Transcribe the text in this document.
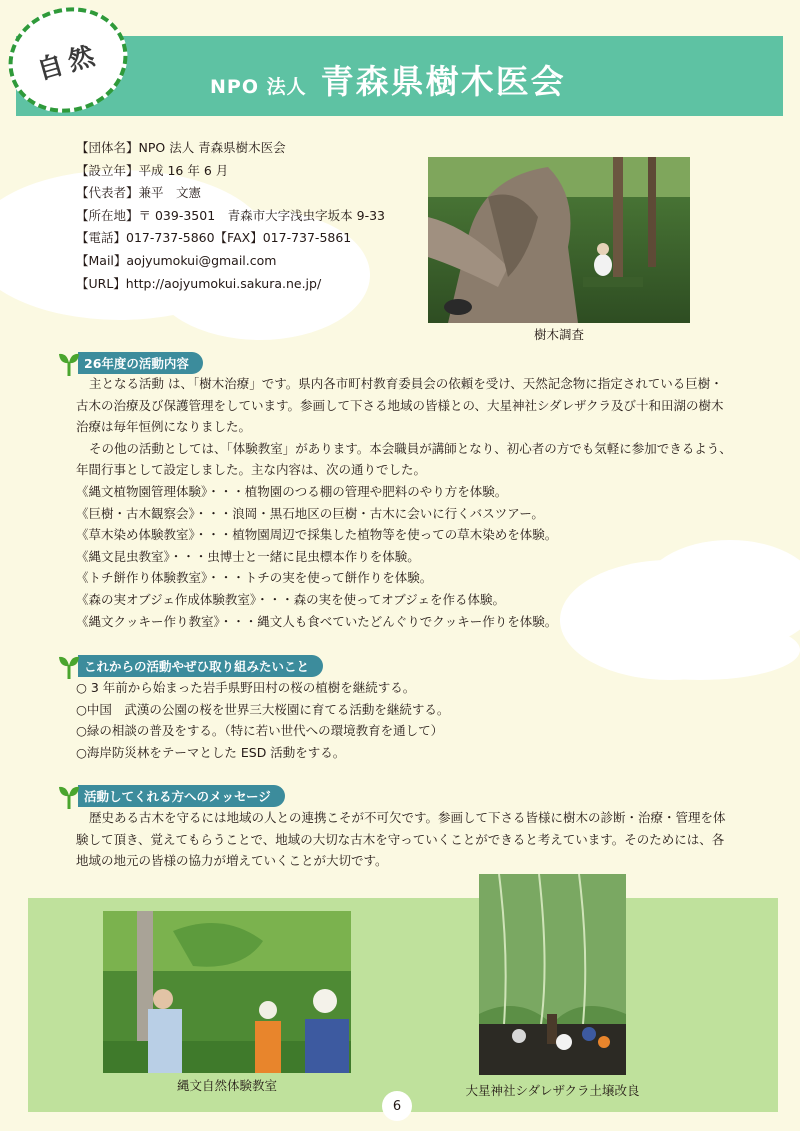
NPO 法人 青森県樹木医会
自然
【団体名】NPO 法人 青森県樹木医会
【設立年】平成 16 年 6 月
【代表者】兼平　文憲
【所在地】〒 039-3501　青森市大字浅虫字坂本 9-33
【電話】017-737-5860【FAX】017-737-5861
【Mail】aojyumokui@gmail.com
【URL】http://aojyumokui.sakura.ne.jp/
樹木調査
26年度の活動内容

主となる活動 は、「樹木治療」です。県内各市町村教育委員会の依頼を受け、天然記念物に指定されている巨樹・

古木の治療及び保護管理をしています。参画して下さる地域の皆様との、大星神社シダレザクラ及び十和田湖の樹木

治療は毎年恒例になりました。

その他の活動としては、「体験教室」があります。本会職員が講師となり、初心者の方でも気軽に参加できるよう、

年間行事として設定しました。主な内容は、次の通りでした。

《縄文植物園管理体験》・・・植物園のつる棚の管理や肥料のやり方を体験。

《巨樹・古木観察会》・・・浪岡・黒石地区の巨樹・古木に会いに行くバスツアー。

《草木染め体験教室》・・・植物園周辺で採集した植物等を使っての草木染めを体験。

《縄文昆虫教室》・・・虫博士と一緒に昆虫標本作りを体験。

《トチ餅作り体験教室》・・・トチの実を使って餅作りを体験。

《森の実オブジェ作成体験教室》・・・森の実を使ってオブジェを作る体験。

《縄文クッキー作り教室》・・・縄文人も食べていたどんぐりでクッキー作りを体験。

これからの活動やぜひ取り組みたいこと

○ 3 年前から始まった岩手県野田村の桜の植樹を継続する。

○中国　武漢の公園の桜を世界三大桜園に育てる活動を継続する。

○緑の相談の普及をする。（特に若い世代への環境教育を通して）

○海岸防災林をテーマとした ESD 活動をする。

活動してくれる方へのメッセージ

歴史ある古木を守るには地域の人との連携こそが不可欠です。参画して下さる皆様に樹木の診断・治療・管理を体

験して頂き、覚えてもらうことで、地域の大切な古木を守っていくことができると考えています。そのためには、各

地域の地元の皆様の協力が増えていくことが大切です。

縄文自然体験教室	大星神社シダレザクラ土壌改良
6
